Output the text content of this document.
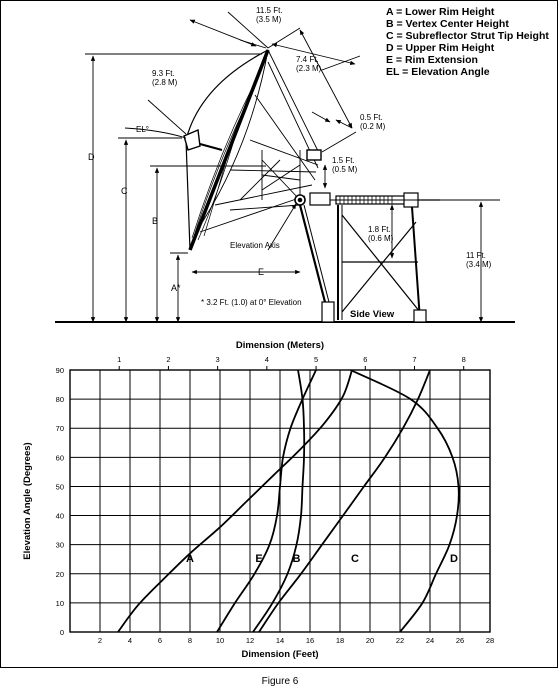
11.5 Ft.
(3.5 M)
9.3 Ft.
(2.8 M)
7.4 Ft.
(2.3 M)
0.5 Ft.
(0.2 M)
1.5 Ft.
(0.5 M)
1.8 Ft.
(0.6 M)
11 Ft.
(3.4 M)
EL°
Elevation Axis
D
C
B
A*
E
* 3.2 Ft. (1.0) at 0° Elevation
Side View
A = Lower Rim Height
B = Vertex Center Height
C = Subreflector Strut Tip Height
D = Upper Rim Height
E = Rim Extension
EL = Elevation Angle
2	4	6	8	10	12	14	16	18	20	22	24	26	28
0
10
20
30
40
50
60
70
80
90
1	2	3	4	5	6	7	8
A	E	B	C	D
Dimension (Meters)
Dimension (Feet)
Elevation Angle (Degrees)
Figure 6
